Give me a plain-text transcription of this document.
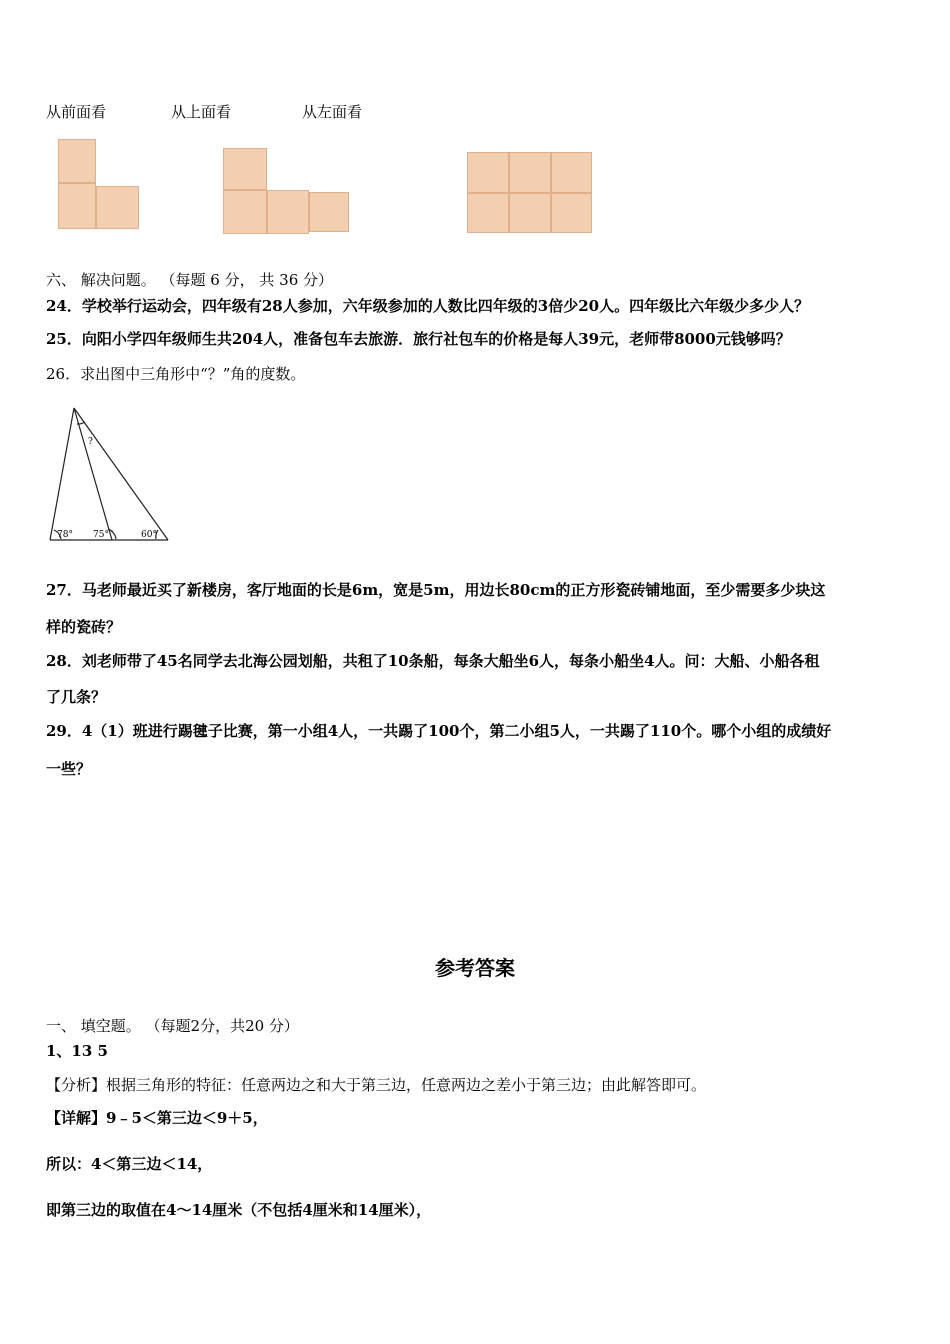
从前面看	从上面看	从左面看
六、 解决问题。 （每题 6 分， 共 36 分）
24．学校举行运动会，四年级有28人参加，六年级参加的人数比四年级的3倍少20人。四年级比六年级少多少人？
25．向阳小学四年级师生共204人，准备包车去旅游．旅行社包车的价格是每人39元，老师带8000元钱够吗？
26．求出图中三角形中“？”角的度数。
78° 75°	60°
?
27．马老师最近买了新楼房，客厅地面的长是6m，宽是5m，用边长80cm的正方形瓷砖铺地面，至少需要多少块这
样的瓷砖？
28．刘老师带了45名同学去北海公园划船，共租了10条船，每条大船坐6人，每条小船坐4人。问：大船、小船各租
了几条？
29．4（1）班进行踢毽子比赛，第一小组4人，一共踢了100个，第二小组5人，一共踢了110个。哪个小组的成绩好
一些？
参考答案
一、 填空题。 （每题2分，共20 分）
1、13 5
【分析】根据三角形的特征：任意两边之和大于第三边，任意两边之差小于第三边；由此解答即可。
【详解】9﹣5＜第三边＜9＋5，
所以：4＜第三边＜14，
即第三边的取值在4～14厘米（不包括4厘米和14厘米），
